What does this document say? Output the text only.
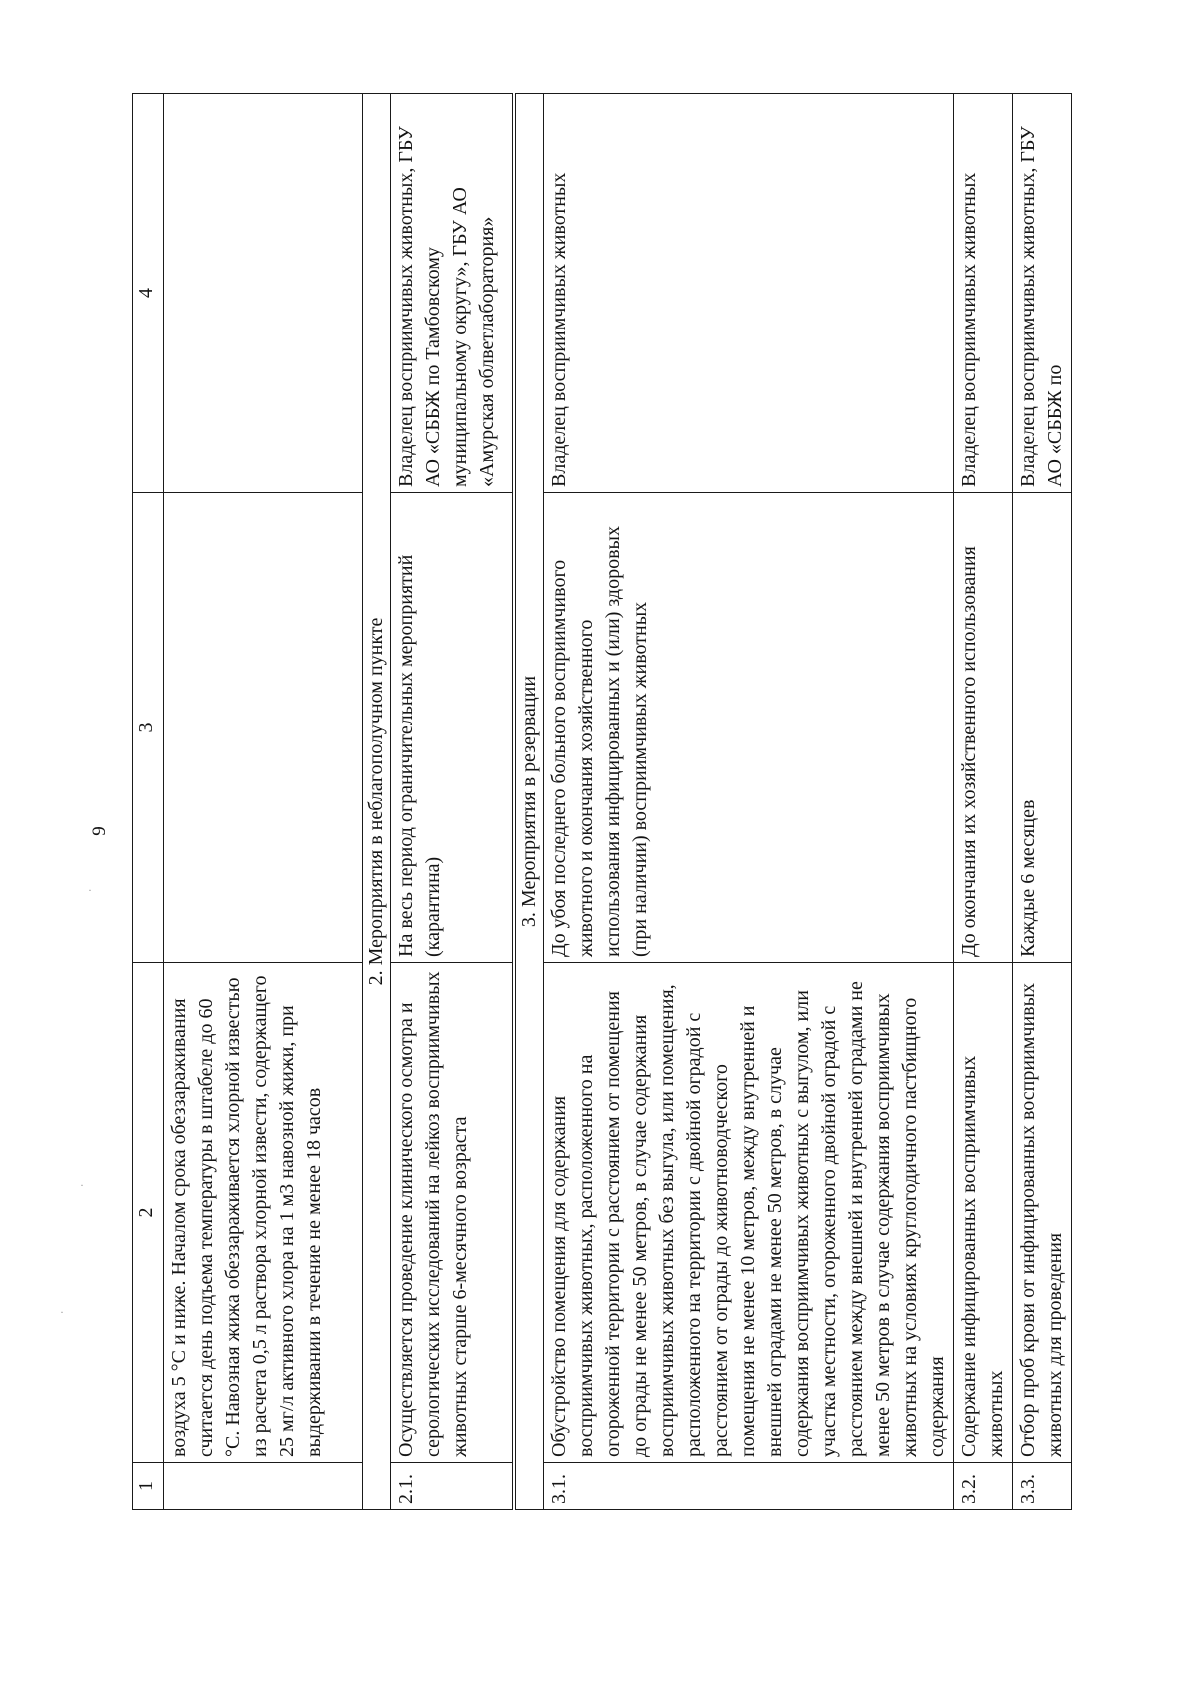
9
·
·
·
1	2	3	4
	воздуха 5 °С и ниже. Началом срока обеззараживания считается день подъема температуры в штабеле до 60 °С. Навозная жижа обеззараживается хлорной известью из расчета 0,5 л раствора хлорной извести, содержащего 25 мг/л активного хлора на 1 м3 навозной жижи, при выдерживании в течение не менее 18 часов		
2. Мероприятия в неблагополучном пункте			
2.1.	Осуществляется проведение клинического осмотра и серологических исследований на лейкоз восприимчивых животных старше 6-месячного возраста	На весь период ограничительных мероприятий (карантина)	Владелец восприимчивых животных, ГБУ АО «СББЖ по Тамбовскому муниципальному округу», ГБУ АО «Амурская облветлаборатория»
3. Мероприятия в резервации			
3.1.	Обустройство помещения для содержания восприимчивых животных, расположенного на огороженной территории с расстоянием от помещения до ограды не менее 50 метров, в случае содержания восприимчивых животных без выгула, или помещения, расположенного на территории с двойной оградой с расстоянием от ограды до животноводческого помещения не менее 10 метров, между внутренней и внешней оградами не менее 50 метров, в случае содержания восприимчивых животных с выгулом, или участка местности, огороженного двойной оградой с расстоянием между внешней и внутренней оградами не менее 50 метров в случае содержания восприимчивых животных на условиях круглогодичного пастбищного содержания	До убоя последнего больного восприимчивого животного и окончания хозяйственного использования инфицированных и (или) здоровых (при наличии) восприимчивых животных	Владелец восприимчивых животных
3.2.	Содержание инфицированных восприимчивых животных	До окончания их хозяйственного использования	Владелец восприимчивых животных
3.3.	Отбор проб крови от инфицированных восприимчивых животных для проведения	Каждые 6 месяцев	Владелец восприимчивых животных, ГБУ АО «СББЖ по
